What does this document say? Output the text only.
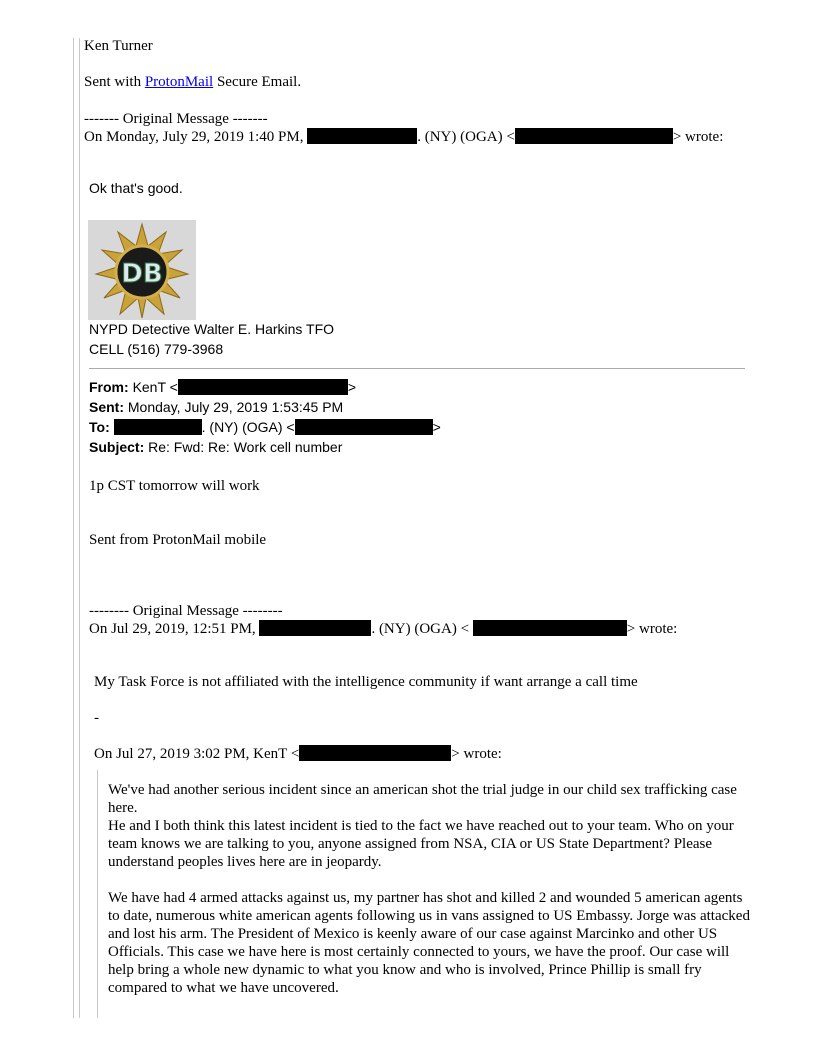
Ken Turner
Sent with ProtonMail Secure Email.
------- Original Message -------
On Monday, July 29, 2019 1:40 PM,	. (NY) (OGA) <	> wrote:
Ok that's good.
DB
NYPD Detective Walter E. Harkins TFO
CELL (516) 779-3968
From: KenT <	>
Sent: Monday, July 29, 2019 1:53:45 PM
To:	. (NY) (OGA) <	>
Subject: Re: Fwd: Re: Work cell number
1p CST tomorrow will work
Sent from ProtonMail mobile
-------- Original Message --------
On Jul 29, 2019, 12:51 PM,	. (NY) (OGA) <	> wrote:
My Task Force is not affiliated with the intelligence community if want arrange a call time
-
On Jul 27, 2019 3:02 PM, KenT <	> wrote:

We've had another serious incident since an american shot the trial judge in our child sex trafficking case here.

He and I both think this latest incident is tied to the fact we have reached out to your team. Who on your team knows we are talking to you, anyone assigned from NSA, CIA or US State Department? Please understand peoples lives here are in jeopardy.

We have had 4 armed attacks against us, my partner has shot and killed 2 and wounded 5 american agents to date, numerous white american agents following us in vans assigned to US Embassy. Jorge was attacked and lost his arm. The President of Mexico is keenly aware of our case against Marcinko and other US Officials. This case we have here is most certainly connected to yours, we have the proof. Our case will help bring a whole new dynamic to what you know and who is involved, Prince Phillip is small fry compared to what we have uncovered.
